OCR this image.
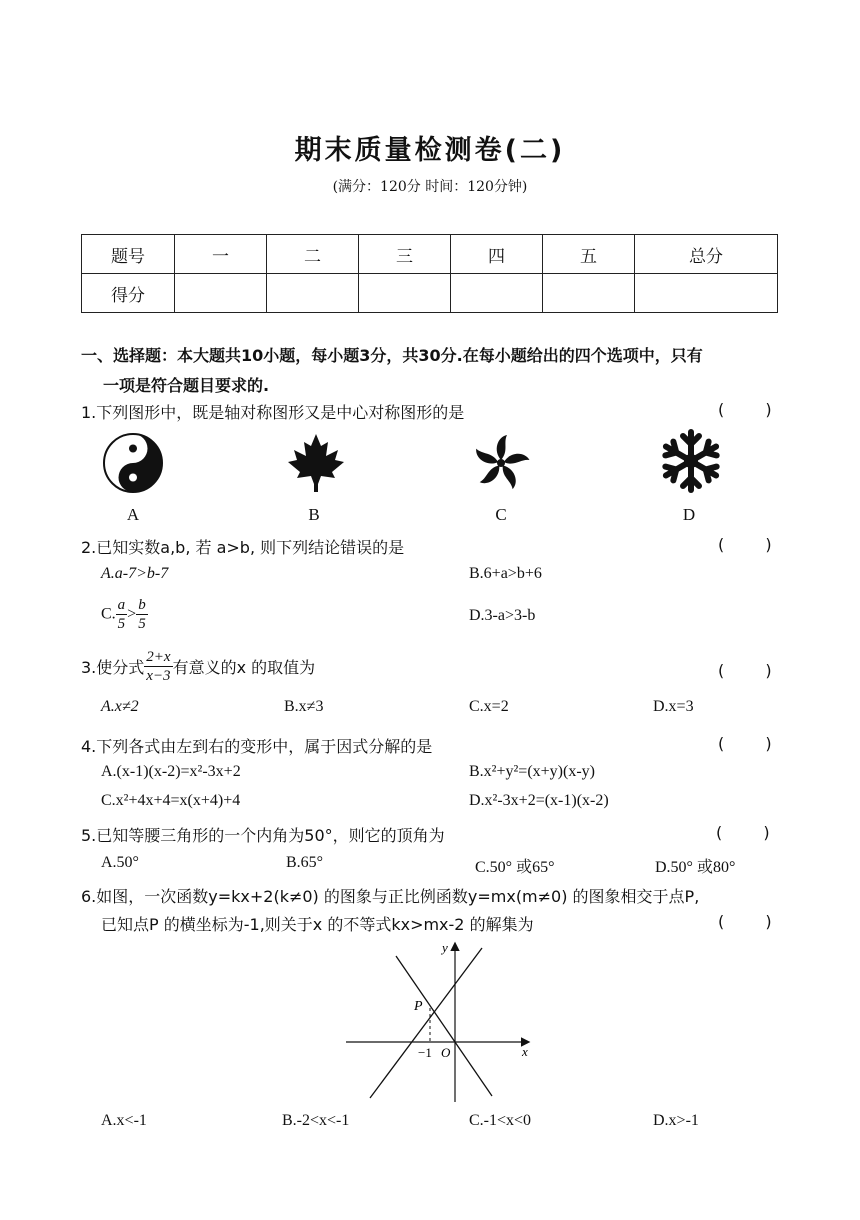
期末质量检测卷(二)
(满分：120分 时间：120分钟)
题号	一	二	三	四	五	总分
得分						
一、选择题：本大题共10小题，每小题3分，共30分.在每小题给出的四个选项中，只有
一项是符合题目要求的.
1.下列图形中，既是轴对称图形又是中心对称图形的是	( )
A	B	C	D
2.已知实数a,b, 若 a>b, 则下列结论错误的是	( )
A.a-7>b-7	B.6+a>b+6
C. $\frac{a}{5} > \frac{b}{5}$	D.3-a>3-b
3.使分式 $\frac{2+x}{x-3}$ 有意义的x 的取值为	( )
A.x≠2	B.x≠3	C.x=2	D.x=3
4.下列各式由左到右的变形中，属于因式分解的是	( )
A.(x-1)(x-2)=x²-3x+2	B.x²+y²=(x+y)(x-y)
C.x²+4x+4=x(x+4)+4	D.x²-3x+2=(x-1)(x-2)
5.已知等腰三角形的一个内角为50°，则它的顶角为	( )
A.50°	B.65°	C.50° 或65°	D.50° 或80°
6.如图，一次函数y=kx+2(k≠0) 的图象与正比例函数y=mx(m≠0) 的图象相交于点P,
已知点P 的横坐标为-1,则关于x 的不等式kx>mx-2 的解集为	( )
y
x
P
−1 O
A.x<-1	B.-2<x<-1	C.-1<x<0	D.x>-1
